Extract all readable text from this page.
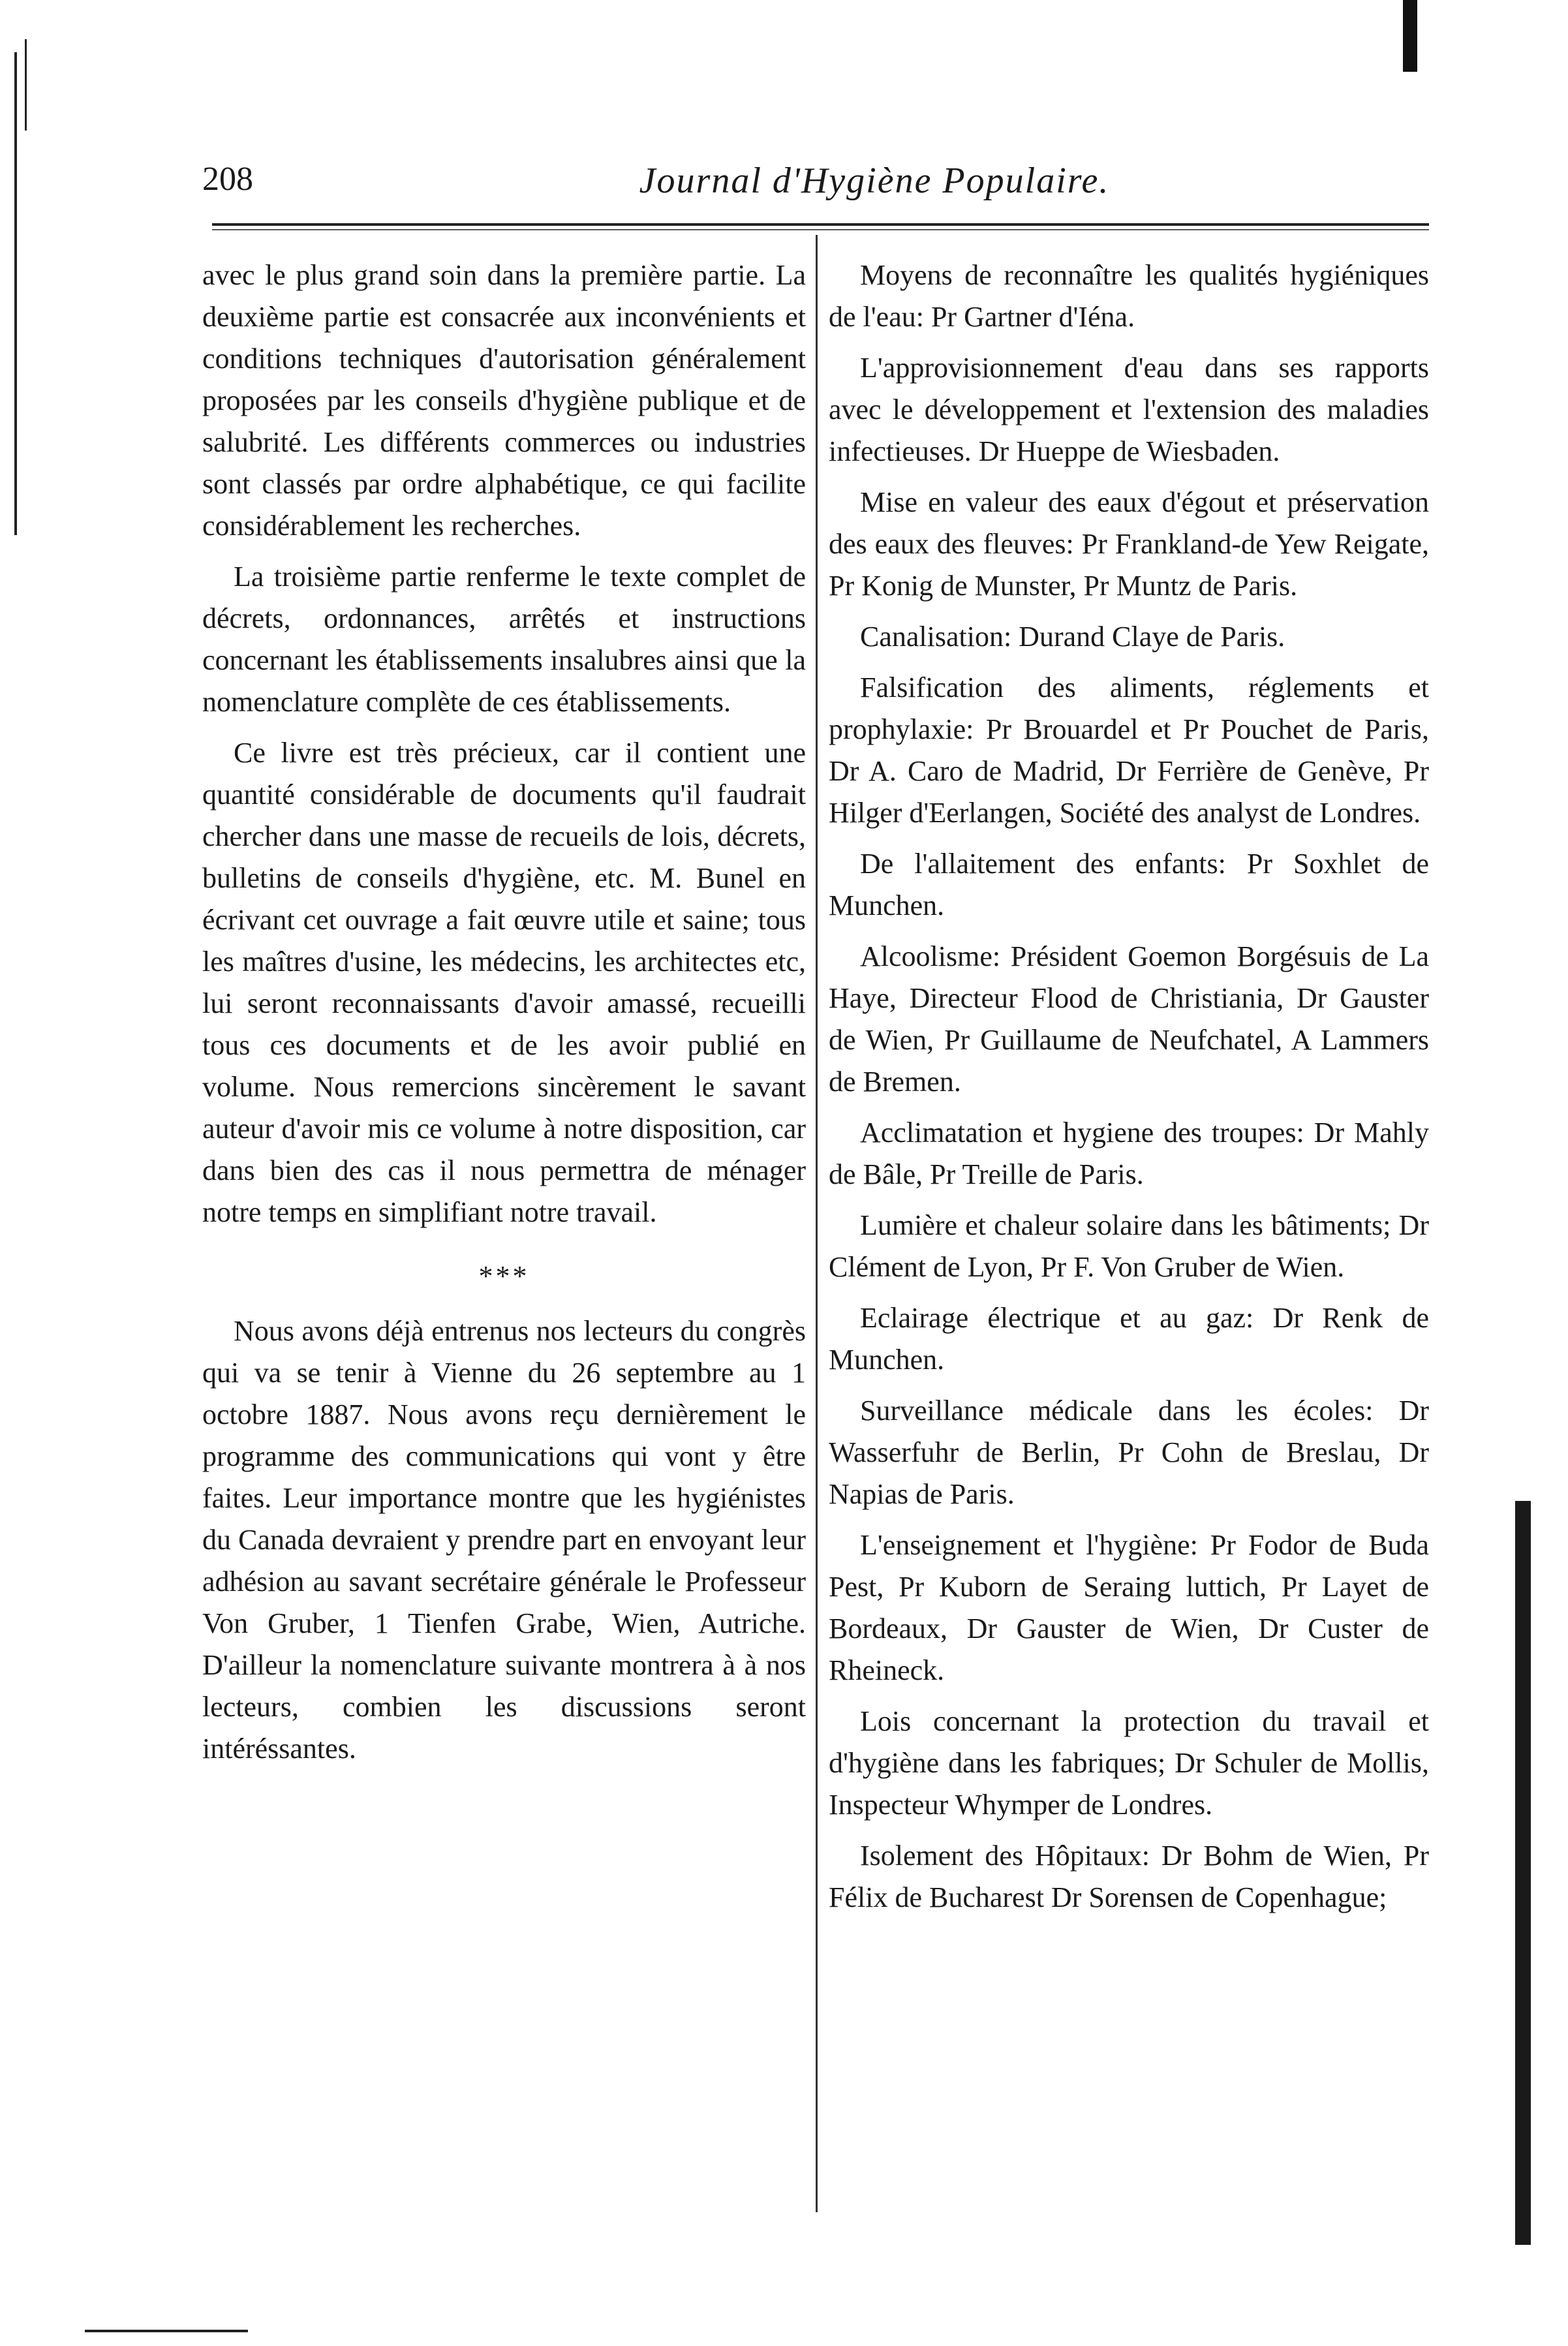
208	Journal d'Hygiène Populaire.

avec le plus grand soin dans la première partie. La deuxième partie est consacrée aux inconvénients et conditions techniques d'autorisation généralement proposées par les conseils d'hygiène publique et de salubrité. Les différents commerces ou industries sont classés par ordre alphabétique, ce qui facilite considérablement les recherches.

La troisième partie renferme le texte complet de décrets, ordonnances, arrêtés et instructions concernant les établissements insalubres ainsi que la nomenclature complète de ces établissements.

Ce livre est très précieux, car il contient une quantité considérable de documents qu'il faudrait chercher dans une masse de recueils de lois, décrets, bulletins de conseils d'hygiène, etc. M. Bunel en écrivant cet ouvrage a fait œuvre utile et saine; tous les maîtres d'usine, les médecins, les architectes etc, lui seront reconnaissants d'avoir amassé, recueilli tous ces documents et de les avoir publié en volume. Nous remercions sincèrement le savant auteur d'avoir mis ce volume à notre disposition, car dans bien des cas il nous permettra de ménager notre temps en simplifiant notre travail.

***

Nous avons déjà entrenus nos lecteurs du congrès qui va se tenir à Vienne du 26 septembre au 1 octobre 1887. Nous avons reçu dernièrement le programme des communications qui vont y être faites. Leur importance montre que les hygiénistes du Canada devraient y prendre part en envoyant leur adhésion au savant secrétaire générale le Professeur Von Gruber, 1 Tienfen Grabe, Wien, Autriche. D'ailleur la nomenclature suivante montrera à à nos lecteurs, combien les discussions seront intéréssantes.

Moyens de reconnaître les qualités hygiéniques de l'eau: Pr Gartner d'Iéna.

L'approvisionnement d'eau dans ses rapports avec le développement et l'extension des maladies infectieuses. Dr Hueppe de Wiesbaden.

Mise en valeur des eaux d'égout et préservation des eaux des fleuves: Pr Frankland-de Yew Reigate, Pr Konig de Munster, Pr Muntz de Paris.

Canalisation: Durand Claye de Paris.

Falsification des aliments, réglements et prophylaxie: Pr Brouardel et Pr Pouchet de Paris, Dr A. Caro de Madrid, Dr Ferrière de Genève, Pr Hilger d'Eerlangen, Société des analyst de Londres.

De l'allaitement des enfants: Pr Soxhlet de Munchen.

Alcoolisme: Président Goemon Borgésuis de La Haye, Directeur Flood de Christiania, Dr Gauster de Wien, Pr Guillaume de Neufchatel, A Lammers de Bremen.

Acclimatation et hygiene des troupes: Dr Mahly de Bâle, Pr Treille de Paris.

Lumière et chaleur solaire dans les bâtiments; Dr Clément de Lyon, Pr F. Von Gruber de Wien.

Eclairage électrique et au gaz: Dr Renk de Munchen.

Surveillance médicale dans les écoles: Dr Wasserfuhr de Berlin, Pr Cohn de Breslau, Dr Napias de Paris.

L'enseignement et l'hygiène: Pr Fodor de Buda Pest, Pr Kuborn de Seraing luttich, Pr Layet de Bordeaux, Dr Gauster de Wien, Dr Custer de Rheineck.

Lois concernant la protection du travail et d'hygiène dans les fabriques; Dr Schuler de Mollis, Inspecteur Whymper de Londres.

Isolement des Hôpitaux: Dr Bohm de Wien, Pr Félix de Bucharest Dr Sorensen de Copenhague;
